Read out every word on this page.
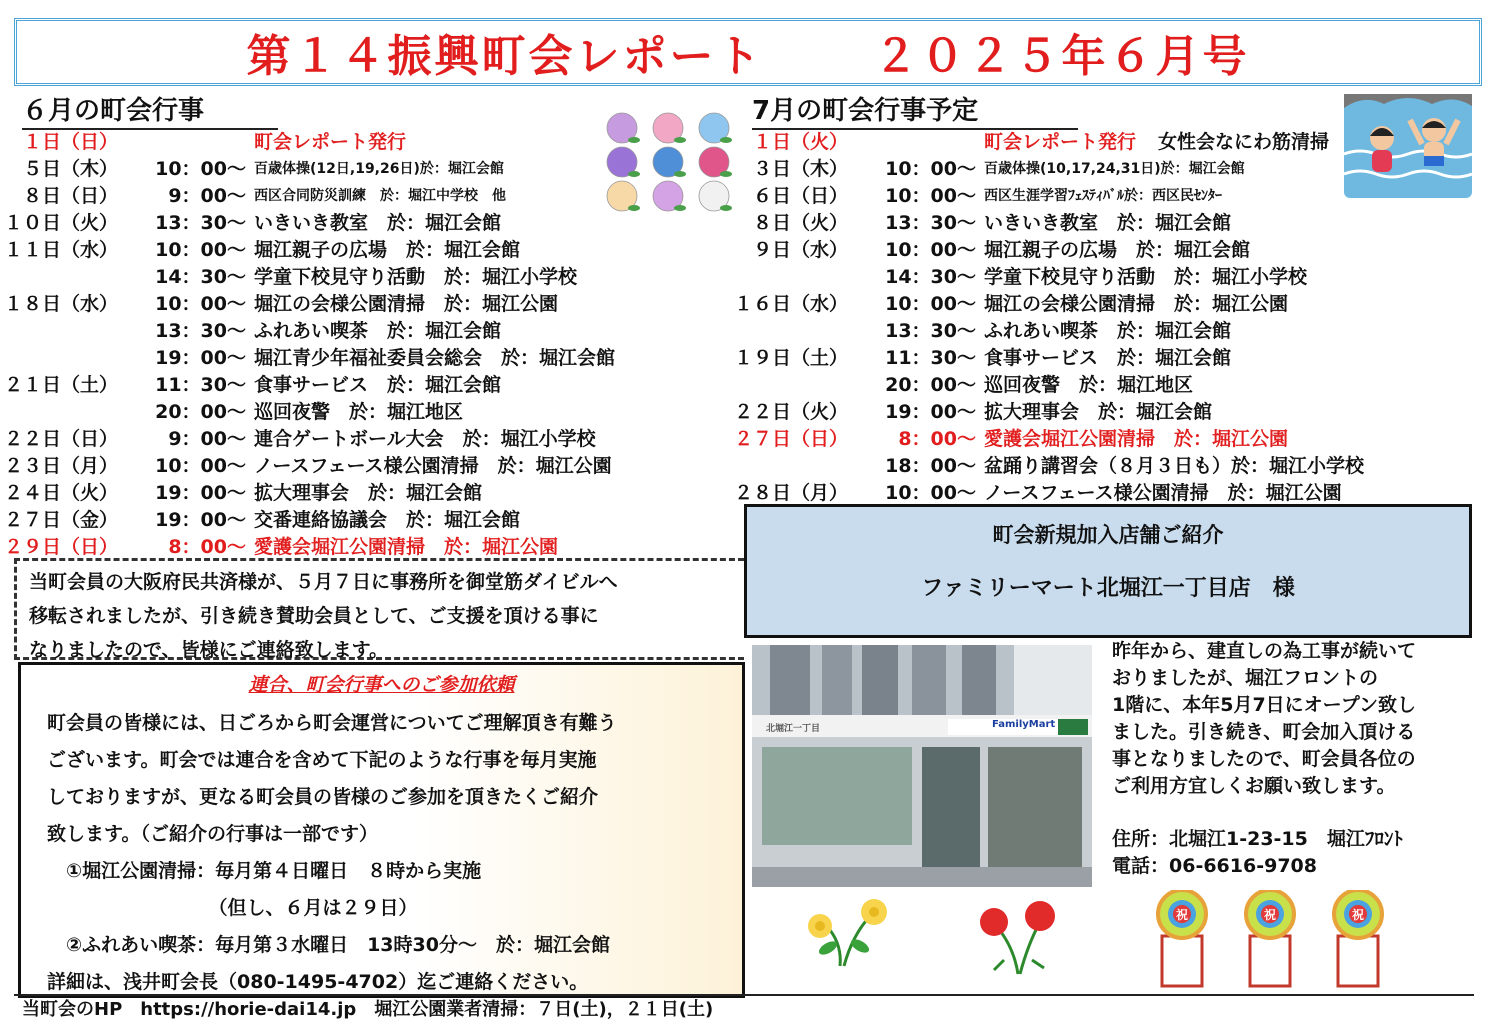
第１４振興町会レポート	２０２５年６月号
６月の町会行事
１日（日）	町会レポート発行
５日（木） 10：00～ 百歳体操(12日,19,26日)於：堀江会館
８日（日）	9：00～ 西区合同防災訓練　於：堀江中学校　他
１０日（火） 13：30～ いきいき教室　於：堀江会館
１１日（水） 10：00～ 堀江親子の広場　於：堀江会館
14：30～ 学童下校見守り活動　於：堀江小学校
１８日（水） 10：00～ 堀江の会様公園清掃　於：堀江公園
13：30～ ふれあい喫茶　於：堀江会館
19：00～ 堀江青少年福祉委員会総会　於：堀江会館
２１日（土） 11：30～ 食事サービス　於：堀江会館
20：00～ 巡回夜警　於：堀江地区
２２日（日）	9：00～ 連合ゲートボール大会　於：堀江小学校
２３日（月） 10：00～ ノースフェース様公園清掃　於：堀江公園
２４日（火） 19：00～ 拡大理事会　於：堀江会館
２７日（金） 19：00～ 交番連絡協議会　於：堀江会館
２９日（日）	8：00～ 愛護会堀江公園清掃　於：堀江公園
7月の町会行事予定
１日（火）	町会レポート発行 女性会なにわ筋清掃
３日（木） 10：00～ 百歳体操(10,17,24,31日)於：堀江会館
６日（日） 10：00～ 西区生涯学習ﾌｪｽﾃｨﾊﾞﾙ於：西区民ｾﾝﾀｰ
８日（火） 13：30～ いきいき教室　於：堀江会館
９日（水） 10：00～ 堀江親子の広場　於：堀江会館
14：30～ 学童下校見守り活動　於：堀江小学校
１６日（水） 10：00～ 堀江の会様公園清掃　於：堀江公園
13：30～ ふれあい喫茶　於：堀江会館
１９日（土） 11：30～ 食事サービス　於：堀江会館
20：00～ 巡回夜警　於：堀江地区
２２日（火） 19：00～ 拡大理事会　於：堀江会館
２７日（日）	8：00～ 愛護会堀江公園清掃　於：堀江公園
18：00～ 盆踊り講習会（８月３日も）於：堀江小学校
２８日（月） 10：00～ ノースフェース様公園清掃　於：堀江公園
当町会員の大阪府民共済様が、５月７日に事務所を御堂筋ダイビルへ
移転されましたが、引き続き賛助会員として、ご支援を頂ける事に
なりましたので、皆様にご連絡致します。
連合、町会行事へのご参加依頼
町会員の皆様には、日ごろから町会運営についてご理解頂き有難う
ございます。町会では連合を含めて下記のような行事を毎月実施
しておりますが、更なる町会員の皆様のご参加を頂きたくご紹介
致します。（ご紹介の行事は一部です）
　①堀江公園清掃：毎月第４日曜日　８時から実施
　　　　　　　　　（但し、６月は２９日）
　②ふれあい喫茶：毎月第３水曜日　13時30分～　於：堀江会館
詳細は、浅井町会長（080-1495-4702）迄ご連絡ください。
町会新規加入店舗ご紹介
ファミリーマート北堀江一丁目店　様
FamilyMart
北堀江一丁目
昨年から、建直しの為工事が続いて
おりましたが、堀江フロントの
1階に、本年5月7日にオープン致し
ました。引き続き、町会加入頂ける
事となりましたので、町会員各位の
ご利用方宜しくお願い致します。
住所：北堀江1-23-15　堀江ﾌﾛﾝﾄ
電話：06-6616-9708
祝	祝	祝
当町会のHP　https://horie-dai14.jp　堀江公園業者清掃：７日(土)，２１日(土)
